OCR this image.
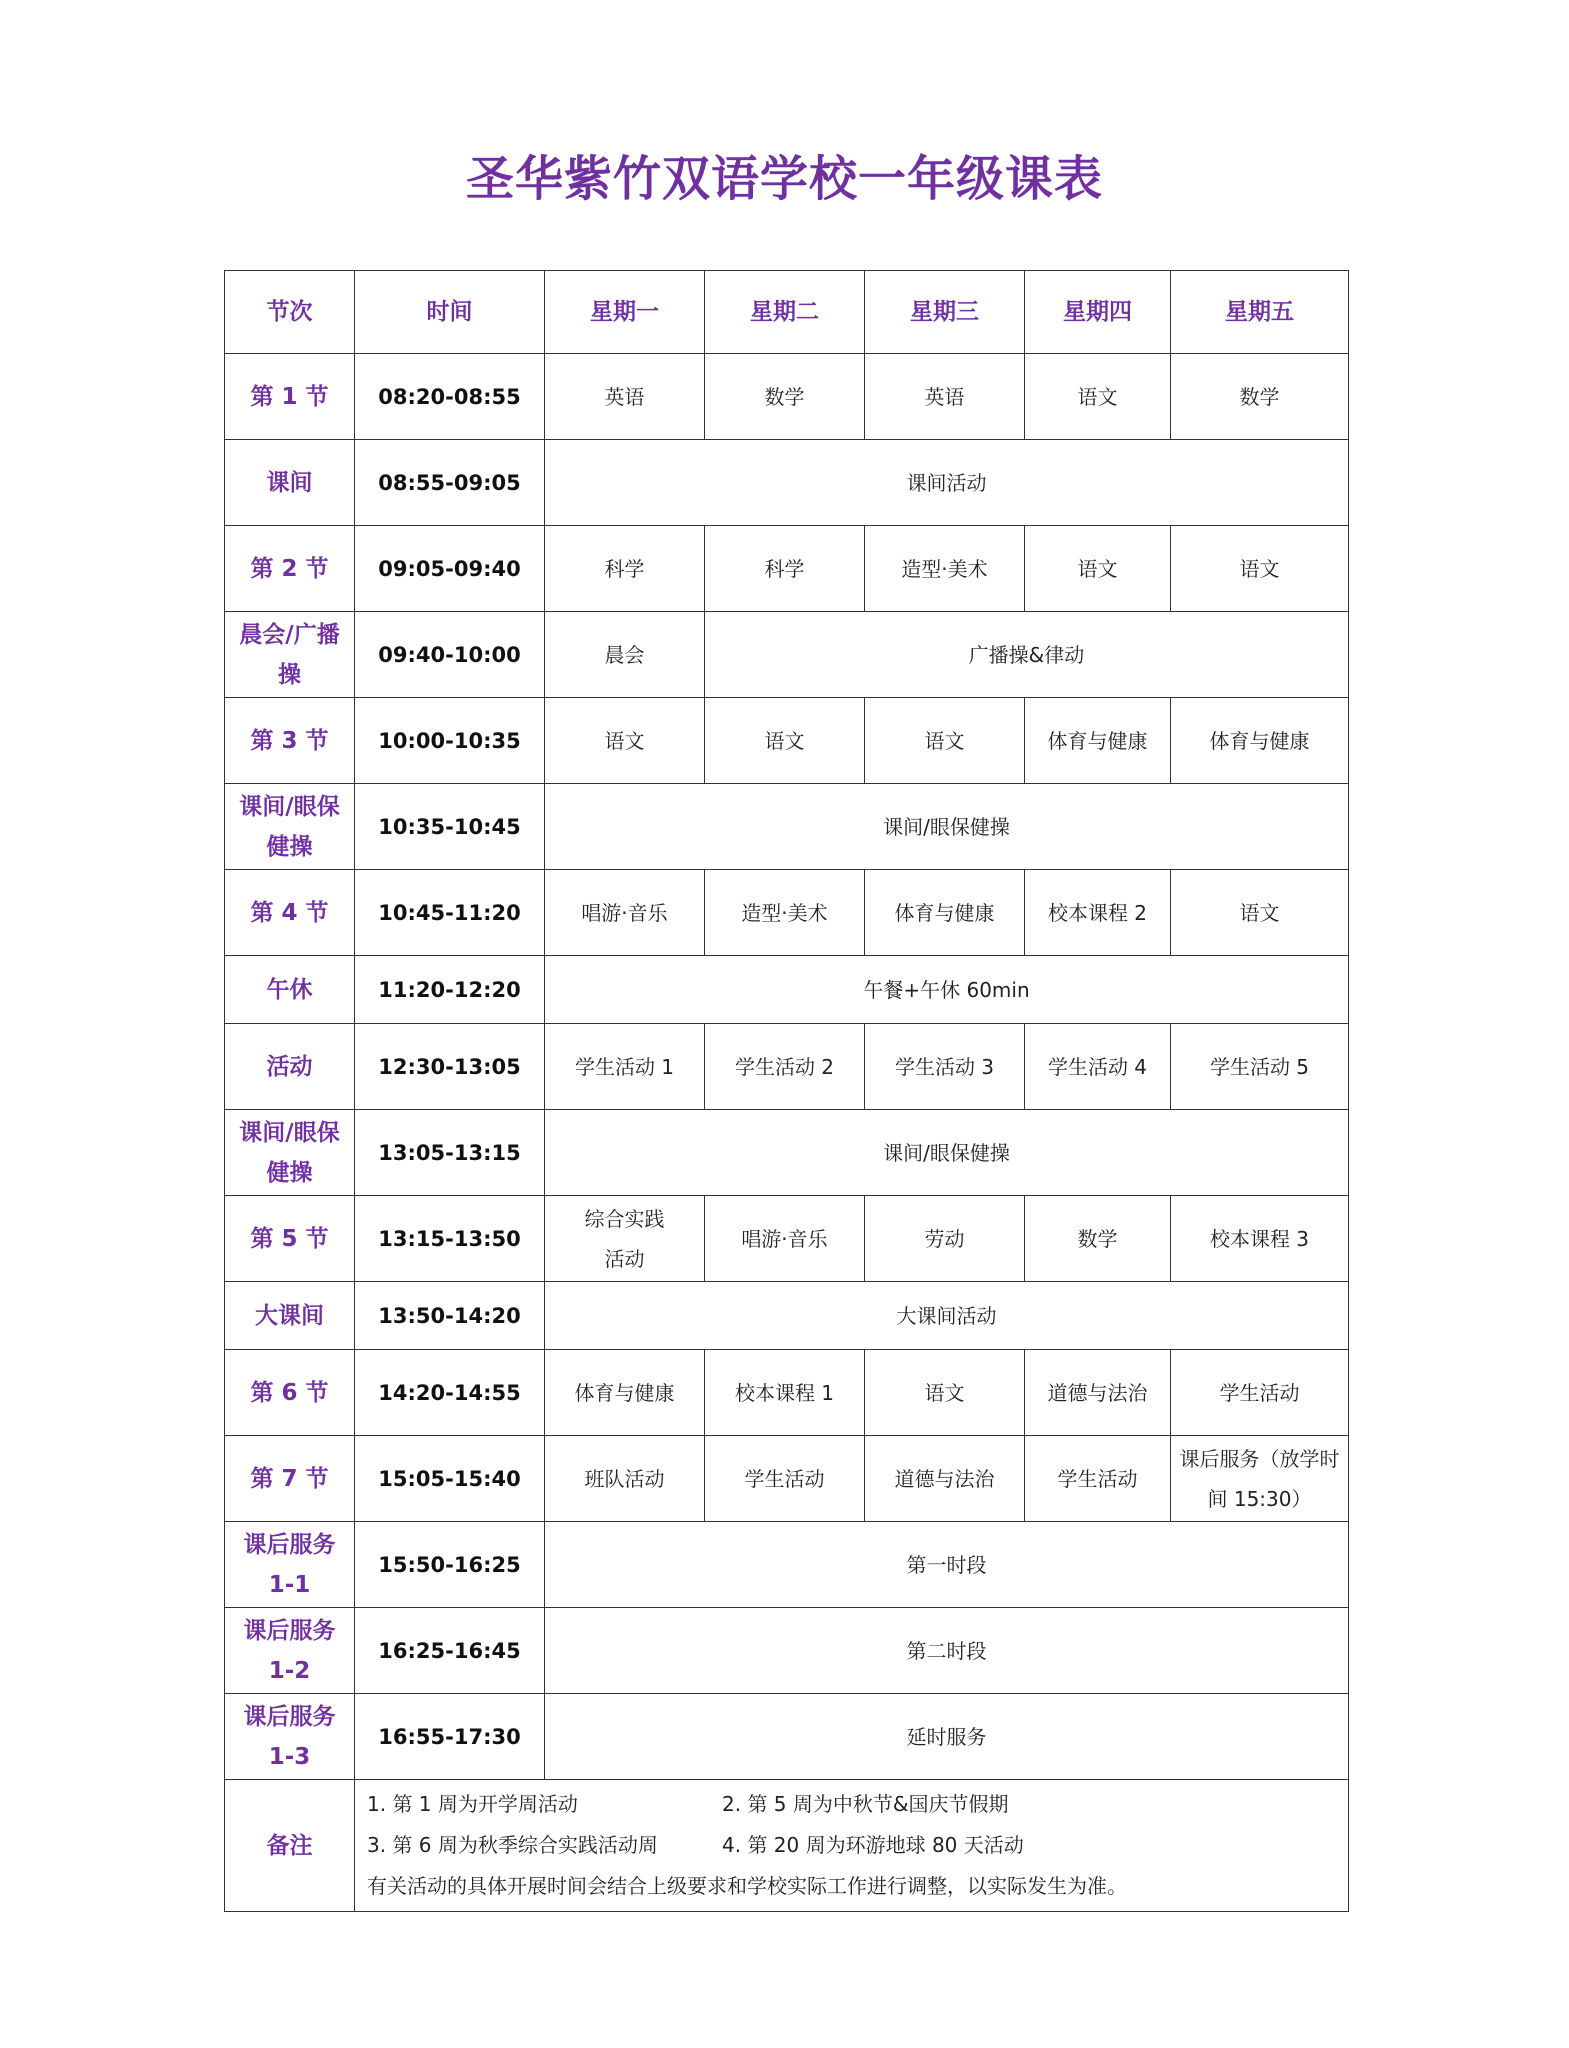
圣华紫竹双语学校一年级课表
节次	时间	星期一	星期二	星期三	星期四	星期五
第 1 节	08:20-08:55	英语	数学	英语	语文	数学
课间	08:55-09:05	课间活动				
第 2 节	09:05-09:40	科学	科学	造型·美术	语文	语文
晨会/广播操	09:40-10:00	晨会	广播操&律动			
第 3 节	10:00-10:35	语文	语文	语文	体育与健康	体育与健康
课间/眼保健操	10:35-10:45	课间/眼保健操				
第 4 节	10:45-11:20	唱游·音乐	造型·美术	体育与健康	校本课程 2	语文
午休	11:20-12:20	午餐+午休 60min				
活动	12:30-13:05	学生活动 1	学生活动 2	学生活动 3	学生活动 4	学生活动 5
课间/眼保健操	13:05-13:15	课间/眼保健操				
第 5 节	13:15-13:50	综合实践活动	唱游·音乐	劳动	数学	校本课程 3
大课间	13:50-14:20	大课间活动				
第 6 节	14:20-14:55	体育与健康	校本课程 1	语文	道德与法治	学生活动
第 7 节	15:05-15:40	班队活动	学生活动	道德与法治	学生活动	课后服务（放学时间 15:30）
课后服务 1-1	15:50-16:25	第一时段				
课后服务 1-2	16:25-16:45	第二时段				
课后服务 1-3	16:55-17:30	延时服务				
备注	1. 第 1 周为开学周活动 2. 第 5 周为中秋节&国庆节假期
3. 第 6 周为秋季综合实践活动周 4. 第 20 周为环游地球 80 天活动
有关活动的具体开展时间会结合上级要求和学校实际工作进行调整，以实际发生为准。					
